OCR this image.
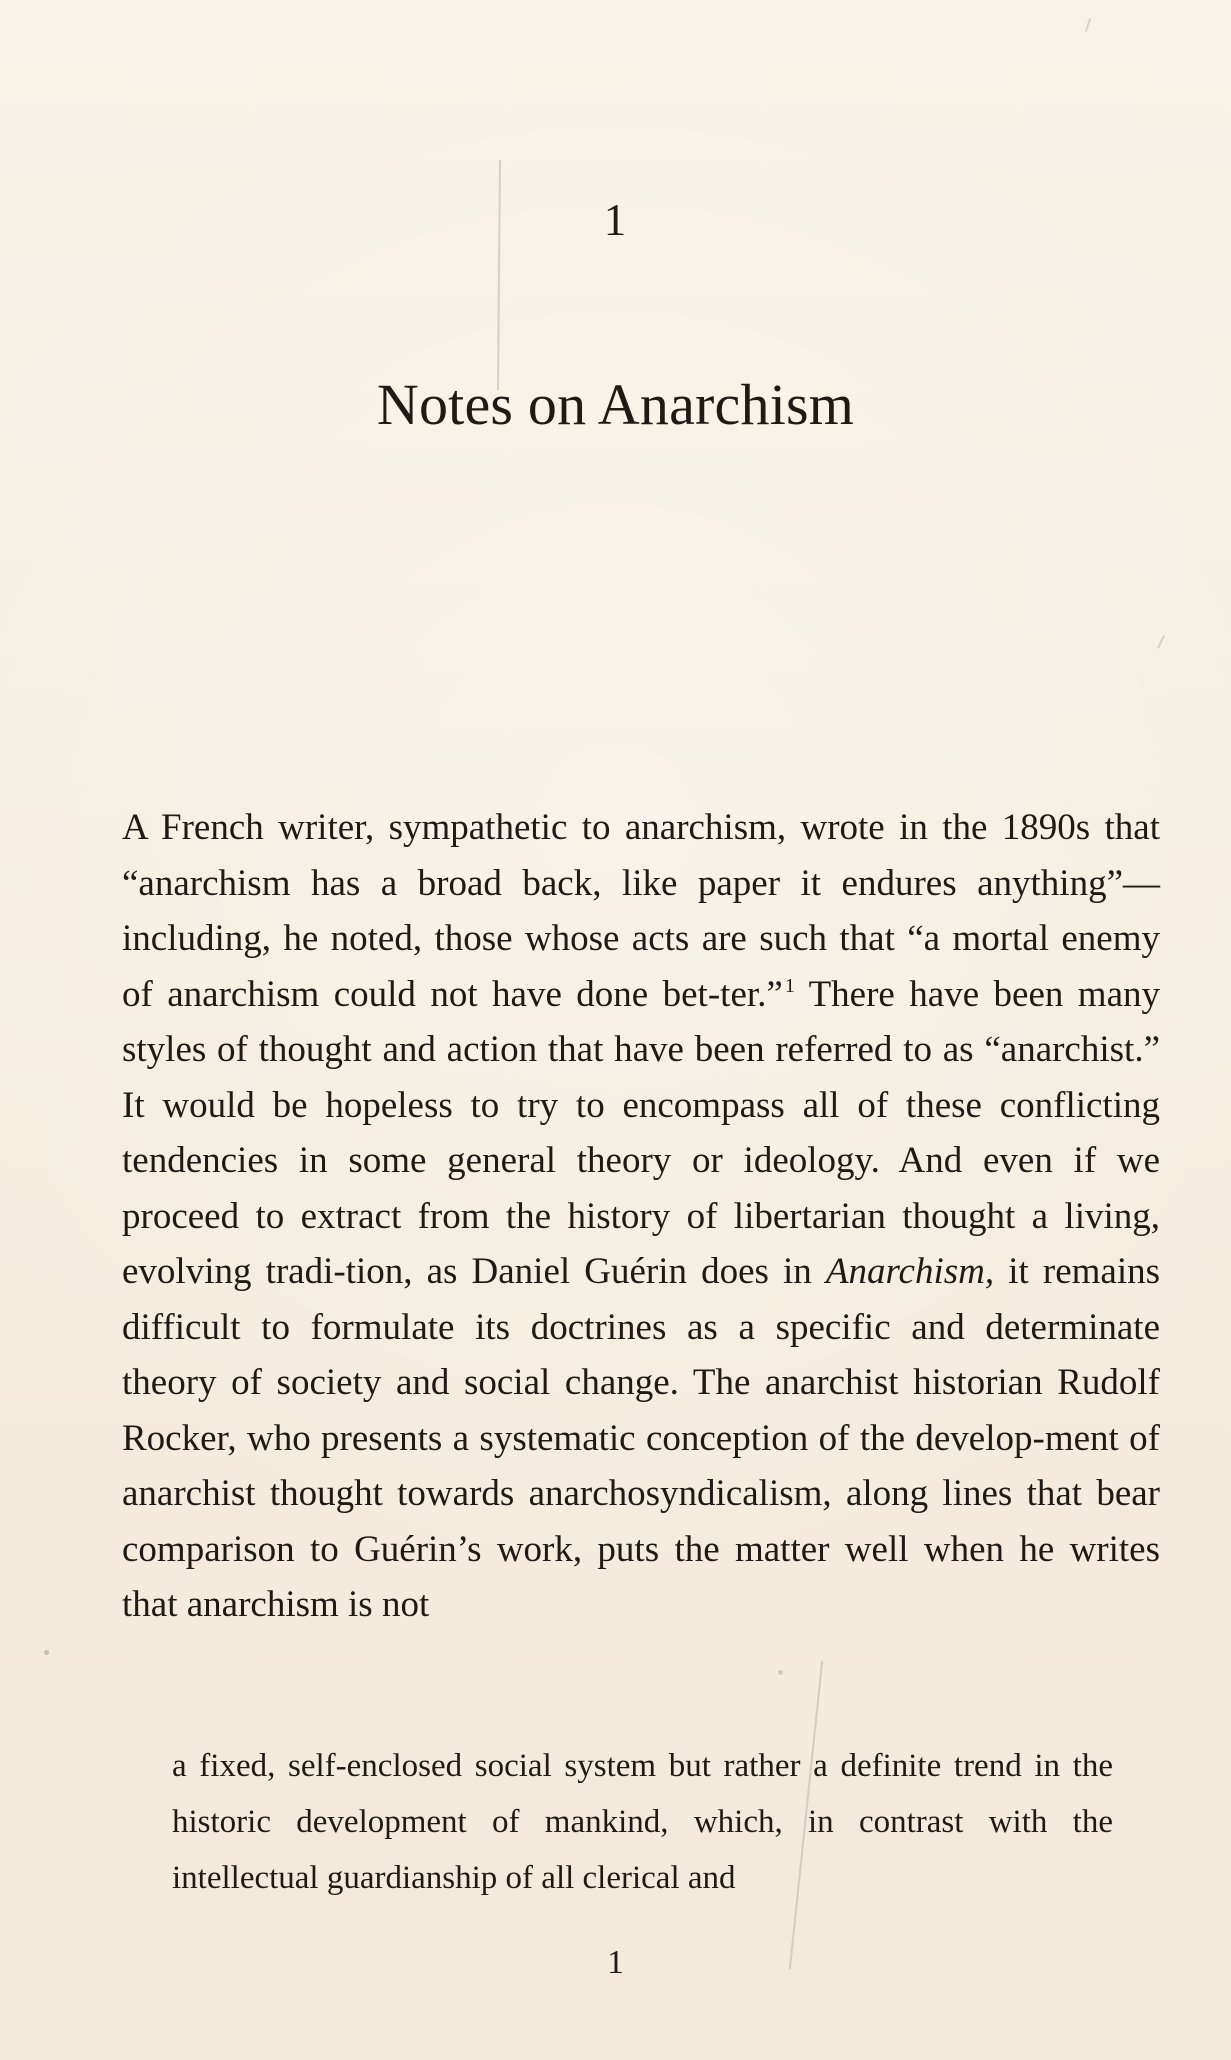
1
Notes on Anarchism

A French writer, sympathetic to anarchism, wrote in the 1890s that “anarchism has a broad back, like paper it endures anything”—including, he noted, those whose acts are such that “a mortal enemy of anarchism could not have done bet-ter.” $^1$ There have been many styles of thought and action that have been referred to as “anarchist.” It would be hopeless to try to encompass all of these conflicting tendencies in some general theory or ideology. And even if we proceed to extract from the history of libertarian thought a living, evolving tradi-tion, as Daniel Guérin does in Anarchism, it remains difficult to formulate its doctrines as a specific and determinate theory of society and social change. The anarchist historian Rudolf Rocker, who presents a systematic conception of the develop-ment of anarchist thought towards anarchosyndicalism, along lines that bear comparison to Guérin’s work, puts the matter well when he writes that anarchism is not

a fixed, self-enclosed social system but rather a definite trend in the historic development of mankind, which, in contrast with the intellectual guardianship of all clerical and
1
